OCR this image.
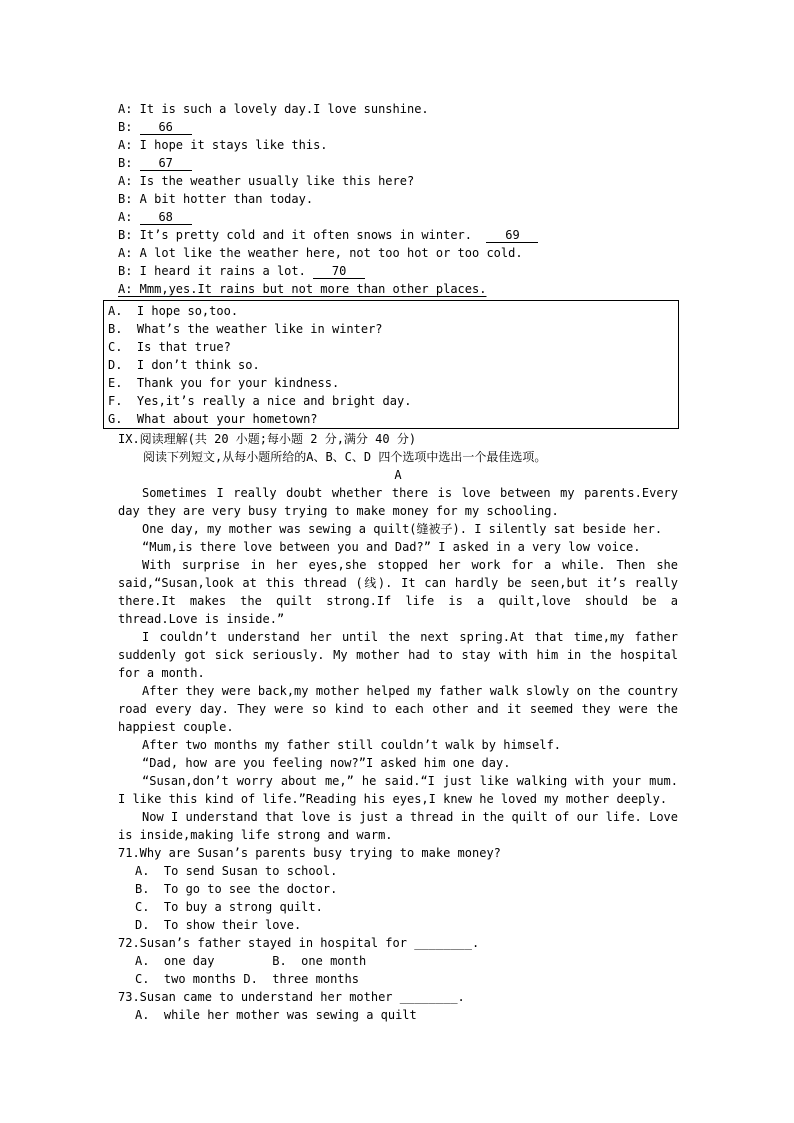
A: It is such a lovely day.I love sunshine.
B: 66
A: I hope it stays like this.
B: 67
A: Is the weather usually like this here?
B: A bit hotter than today.
A: 68
B: It’s pretty cold and it often snows in winter.  69
A: A lot like the weather here, not too hot or too cold.
B: I heard it rains a lot. 70
A: Mmm,yes.It rains but not more than other places.
A.  I hope so,too.
B.  What’s the weather like in winter?
C.  Is that true?
D.  I don’t think so.
E.  Thank you for your kindness.
F.  Yes,it’s really a nice and bright day.
G.  What about your hometown?
IX.阅读理解(共 20 小题;每小题 2 分,满分 40 分)
阅读下列短文,从每小题所给的A、B、C、D 四个选项中选出一个最佳选项。
A

Sometimes I really doubt whether there is love between my parents.Every day they are very busy trying to make money for my schooling.

One day, my mother was sewing a quilt(缝被子). I silently sat beside her.

“Mum,is there love between you and Dad?” I asked in a very low voice.

With surprise in her eyes,she stopped her work for a while. Then she said,“Susan,look at this thread (线). It can hardly be seen,but it’s really there.It makes the quilt strong.If life is a quilt,love should be a thread.Love is inside.”

I couldn’t understand her until the next spring.At that time,my father suddenly got sick seriously. My mother had to stay with him in the hospital for a month.

After they were back,my mother helped my father walk slowly on the country road every day. They were so kind to each other and it seemed they were the happiest couple.

After two months my father still couldn’t walk by himself.

“Dad, how are you feeling now?”I asked him one day.

“Susan,don’t worry about me,” he said.“I just like walking with your mum. I like this kind of life.”Reading his eyes,I knew he loved my mother deeply.

Now I understand that love is just a thread in the quilt of our life. Love is inside,making life strong and warm.

71.Why are Susan’s parents busy trying to make money?
A.  To send Susan to school.
B.  To go to see the doctor.
C.  To buy a strong quilt.
D.  To show their love.
72.Susan’s father stayed in hospital for ________.
A.  one day        B.  one month
C.  two months D.  three months
73.Susan came to understand her mother ________.
A.  while her mother was sewing a quilt
